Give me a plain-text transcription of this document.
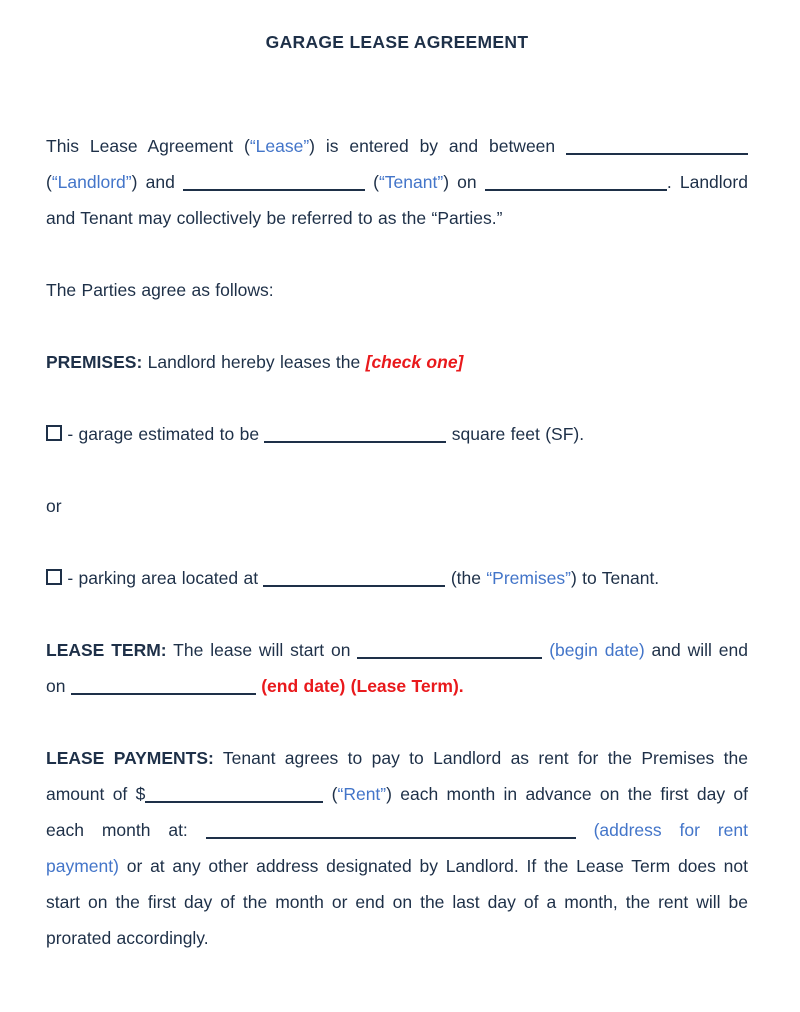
GARAGE LEASE AGREEMENT

This Lease Agreement (“Lease”) is entered by and between  (“Landlord”) and	(“Tenant”) on	. Landlord and Tenant may collectively be referred to as the “Parties.”

The Parties agree as follows:

PREMISES: Landlord hereby leases the [check one]

- garage estimated to be	square feet (SF).

or

- parking area located at	(the “Premises”) to Tenant.

LEASE TERM: The lease will start on	(begin date) and will end on	(end date) (Lease Term).

LEASE PAYMENTS: Tenant agrees to pay to Landlord as rent for the Premises the amount of $	(“Rent”) each month in advance on the first day of each month at:	(address for rent payment) or at any other address designated by Landlord. If the Lease Term does not start on the first day of the month or end on the last day of a month, the rent will be prorated accordingly.
